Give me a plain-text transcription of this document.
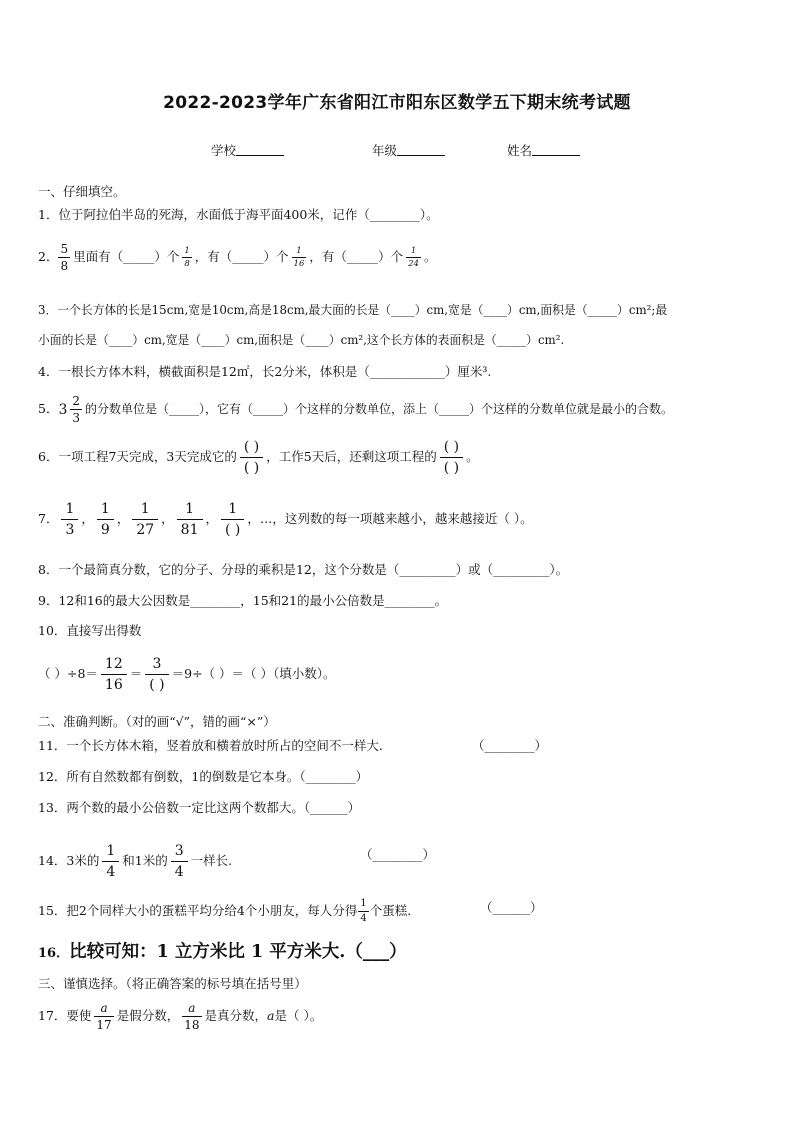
2022-2023学年广东省阳江市阳东区数学五下期末统考试题
学校	年级	姓名
一、仔细填空。
1．位于阿拉伯半岛的死海，水面低于海平面400米，记作（________）。
2． $\frac{5}{8}$ 里面有（_____）个 $\frac{1}{8}$ ，有（_____）个 $\frac{1}{16}$ ，有（_____）个 $\frac{1}{24}$ 。
3．一个长方体的长是15cm,宽是10cm,高是18cm,最大面的长是（____）cm,宽是（____）cm,面积是（_____）cm²;最
小面的长是（____）cm,宽是（____）cm,面积是（____）cm²,这个长方体的表面积是（_____）cm².
4．一根长方体木料，横截面积是12㎡，长2分米，体积是（____________）厘米³.
5． $3 \frac{2}{3}$ 的分数单位是（_____），它有（_____）个这样的分数单位，添上（_____）个这样的分数单位就是最小的合数。
6．一项工程7天完成，3天完成它的 $\frac{( )}{( )}$ ，工作5天后，还剩这项工程的 $\frac{( )}{( )}$ 。
7． $\frac{1}{3}$ ， $\frac{1}{9}$ ， $\frac{1}{27}$ ， $\frac{1}{81}$ ， $\frac{1}{( )}$ ，…，这列数的每一项越来越小，越来越接近（ ）。
8．一个最简真分数，它的分子、分母的乘积是12，这个分数是（_________）或（_________）。
9．12和16的最大公因数是________，15和21的最小公倍数是________。
10．直接写出得数
（ ）$\div 8= \frac{12}{16} = \frac{3}{( )} =9\div$（ ）＝（ ）（填小数）。
二、准确判断。（对的画“√”，错的画“×”）
11．一个长方体木箱，竖着放和横着放时所占的空间不一样大.	（________）
12．所有自然数都有倒数，1的倒数是它本身。（________）
13．两个数的最小公倍数一定比这两个数都大。（______）
14．3米的 $\frac{1}{4}$ 和1米的 $\frac{3}{4}$ 一样长.	（________）
15．把2个同样大小的蛋糕平均分给4个小朋友，每人分得 $\frac{1}{4}$ 个蛋糕.	（______）
16．比较可知：1 立方米比 1 平方米大.（___）
三、谨慎选择。（将正确答案的标号填在括号里）
17．要使 $\frac{a}{17}$ 是假分数， $\frac{a}{18}$ 是真分数，a是（ ）。
